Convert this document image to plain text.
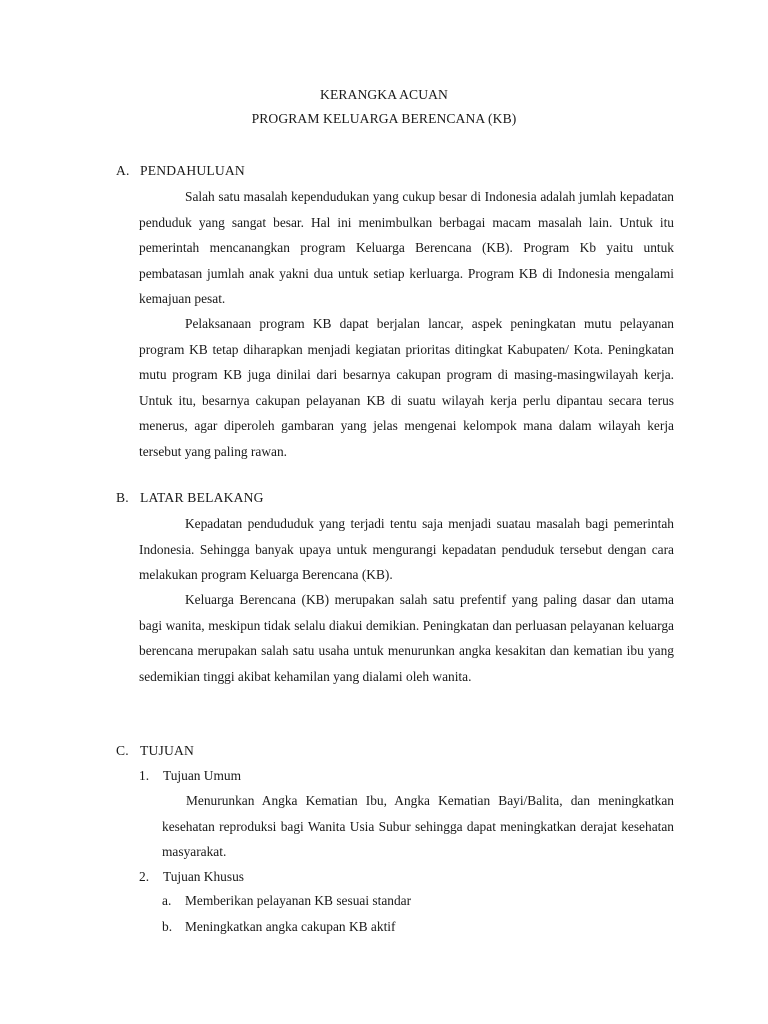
KERANGKA ACUAN
PROGRAM KELUARGA BERENCANA (KB)
A. PENDAHULUAN

Salah satu masalah kependudukan yang cukup besar di Indonesia adalah jumlah kepadatan penduduk yang sangat besar. Hal ini menimbulkan berbagai macam masalah lain. Untuk itu pemerintah mencanangkan program Keluarga Berencana (KB). Program Kb yaitu untuk pembatasan jumlah anak yakni dua untuk setiap kerluarga. Program KB di Indonesia mengalami kemajuan pesat.

Pelaksanaan program KB dapat berjalan lancar, aspek peningkatan mutu pelayanan program KB tetap diharapkan menjadi kegiatan prioritas ditingkat Kabupaten/ Kota. Peningkatan mutu program KB juga dinilai dari besarnya cakupan program di masing-masingwilayah kerja. Untuk itu, besarnya cakupan pelayanan KB di suatu wilayah kerja perlu dipantau secara terus menerus, agar diperoleh gambaran yang jelas mengenai kelompok mana dalam wilayah kerja tersebut yang paling rawan.

B. LATAR BELAKANG

Kepadatan pendududuk yang terjadi tentu saja menjadi suatau masalah bagi pemerintah Indonesia. Sehingga banyak upaya untuk mengurangi kepadatan penduduk tersebut dengan cara melakukan program Keluarga Berencana (KB).

Keluarga Berencana (KB) merupakan salah satu prefentif yang paling dasar dan utama bagi wanita, meskipun tidak selalu diakui demikian. Peningkatan dan perluasan pelayanan keluarga berencana merupakan salah satu usaha untuk menurunkan angka kesakitan dan kematian ibu yang sedemikian tinggi akibat kehamilan yang dialami oleh wanita.

C. TUJUAN
1. Tujuan Umum

Menurunkan Angka Kematian Ibu, Angka Kematian Bayi/Balita, dan meningkatkan kesehatan reproduksi bagi Wanita Usia Subur sehingga dapat meningkatkan derajat kesehatan masyarakat.

2. Tujuan Khusus
a. Memberikan pelayanan KB sesuai standar
b. Meningkatkan angka cakupan KB aktif
